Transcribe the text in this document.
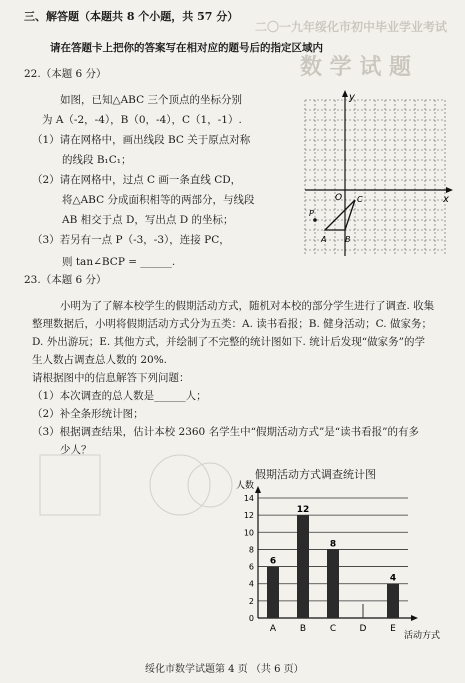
二〇一九年绥化市初中毕业学业考试
数 学 试 题
三、解答题（本题共 8 个小题，共 57 分）
请在答题卡上把你的答案写在相对应的题号后的指定区域内
22.（本题 6 分）
如图，已知△ABC 三个顶点的坐标分别
为 A（-2，-4），B（0，-4），C（1，-1）.
（1）请在网格中，画出线段 BC 关于原点对称
的线段 B₁C₁；
（2）请在网格中，过点 C 画一条直线 CD，
将△ABC 分成面积相等的两部分，与线段
AB 相交于点 D，写出点 D 的坐标；
（3）若另有一点 P（-3，-3），连接 PC，
则 tan∠BCP = ______.
y
x
O
A B
C
P
23.（本题 6 分）
小明为了了解本校学生的假期活动方式，随机对本校的部分学生进行了调查. 收集
整理数据后，小明将假期活动方式分为五类：A. 读书看报；B. 健身活动；C. 做家务；
D. 外出游玩；E. 其他方式，并绘制了不完整的统计图如下. 统计后发现“做家务”的学
生人数占调查总人数的 20%.
请根据图中的信息解答下列问题：
（1）本次调查的总人数是______人；
（2）补全条形统计图；
（3）根据调查结果，估计本校 2360 名学生中“假期活动方式”是“读书看报”的有多
少人？
假期活动方式调查统计图
人数
活动方式
0
2
4
6
8
10
12
14
6
A
12
B
8
C	D
4
E
绥化市数学试题第 4 页 （共 6 页）
